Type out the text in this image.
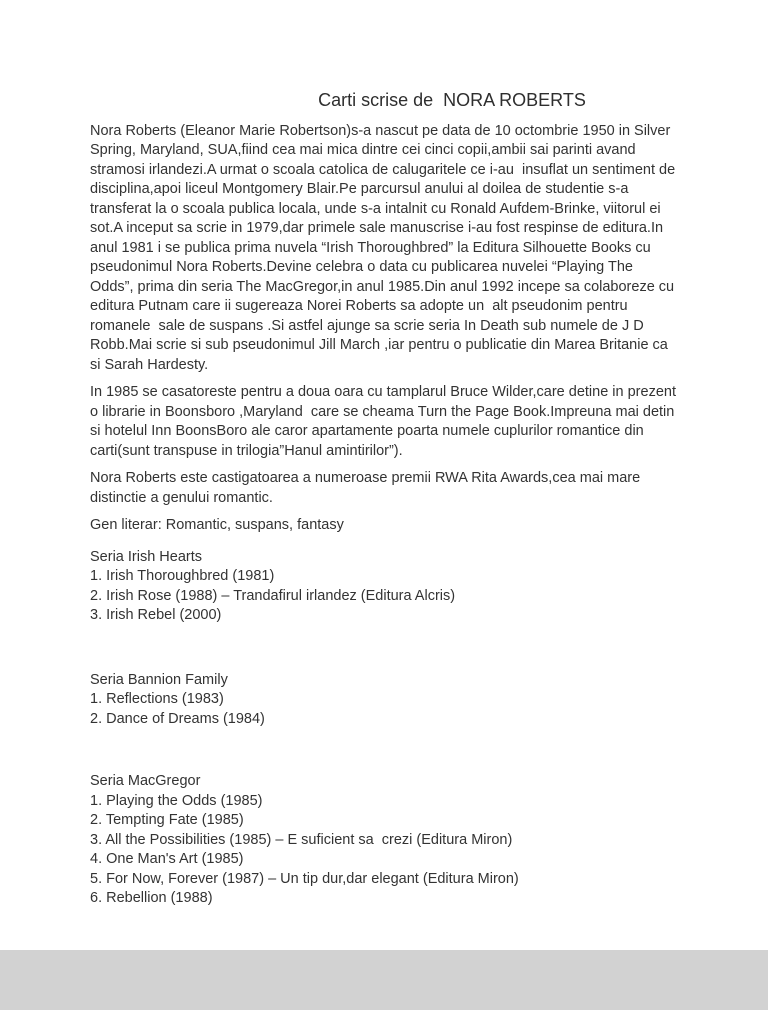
Carti scrise de  NORA ROBERTS

Nora Roberts (Eleanor Marie Robertson)s-a nascut pe data de 10 octombrie 1950 in Silver Spring, Maryland, SUA,fiind cea mai mica dintre cei cinci copii,ambii sai parinti avand  stramosi irlandezi.A urmat o scoala catolica de calugaritele ce i-au  insuflat un sentiment de disciplina,apoi liceul Montgomery Blair.Pe parcursul anului al doilea de studentie s-a transferat la o scoala publica locala, unde s-a intalnit cu Ronald Aufdem-Brinke, viitorul ei sot.A inceput sa scrie in 1979,dar primele sale manuscrise i-au fost respinse de editura.In anul 1981 i se publica prima nuvela “Irish Thoroughbred” la Editura Silhouette Books cu pseudonimul Nora Roberts.Devine celebra o data cu publicarea nuvelei “Playing The Odds”, prima din seria The MacGregor,in anul 1985.Din anul 1992 incepe sa colaboreze cu editura Putnam care ii sugereaza Norei Roberts sa adopte un  alt pseudonim pentru romanele  sale de suspans .Si astfel ajunge sa scrie seria In Death sub numele de J D Robb.Mai scrie si sub pseudonimul Jill March ,iar pentru o publicatie din Marea Britanie ca si Sarah Hardesty.

In 1985 se casatoreste pentru a doua oara cu tamplarul Bruce Wilder,care detine in prezent  o librarie in Boonsboro ,Maryland  care se cheama Turn the Page Book.Impreuna mai detin si hotelul Inn BoonsBoro ale caror apartamente poarta numele cuplurilor romantice din carti(sunt transpuse in trilogia”Hanul amintirilor”).

Nora Roberts este castigatoarea a numeroase premii RWA Rita Awards,cea mai mare distinctie a genului romantic.

Gen literar: Romantic, suspans, fantasy

Seria Irish Hearts

1. Irish Thoroughbred (1981)

2. Irish Rose (1988) – Trandafirul irlandez (Editura Alcris)

3. Irish Rebel (2000)

Seria Bannion Family

1. Reflections (1983)

2. Dance of Dreams (1984)

Seria MacGregor

1. Playing the Odds (1985)

2. Tempting Fate (1985)

3. All the Possibilities (1985) – E suficient sa  crezi (Editura Miron)

4. One Man's Art (1985)

5. For Now, Forever (1987) – Un tip dur,dar elegant (Editura Miron)

6. Rebellion (1988)
